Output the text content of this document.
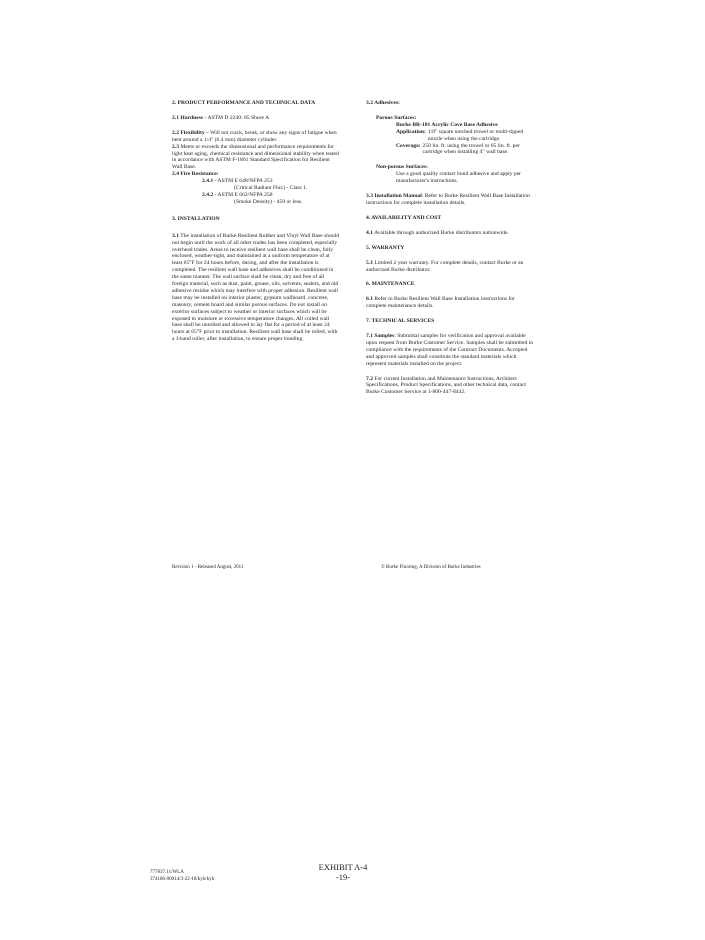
2. PRODUCT PERFORMANCE AND TECHNICAL DATA

2.1 Hardness - ASTM D 2240: 85 Shore A

2.2 Flexibility – Will not crack, break, or show any signs of fatigue when bent around a 1/4" (6.4 mm) diameter cylinder.

2.3 Meets or exceeds the dimensional and performance requirements for light heat aging, chemical resistance and dimensional stability when tested in accordance with ASTM F-1861 Standard Specification for Resilient Wall Base.

2.4 Fire Resistance:

2.4.1 - ASTM E 648/NFPA 253

(Critical Radiant Flux) - Class 1.

2.4.2 - ASTM E 662/NFPA 258

(Smoke Density) - 450 or less.

3. INSTALLATION

3.1 The installation of Burke Resilient Rubber and Vinyl Wall Base should not begin until the work of all other trades has been completed, especially overhead trades. Areas to receive resilient wall base shall be clean, fully enclosed, weather-tight, and maintained at a uniform temperature of at least 65°F for 24 hours before, during, and after the installation is completed. The resilient wall base and adhesives shall be conditioned in the same manner. The wall surface shall be clean, dry and free of all foreign material, such as dust, paint, grease, oils, solvents, sealers, and old adhesive residue which may interfere with proper adhesion. Resilient wall base may be installed on interior plaster, gypsum wallboard, concrete, masonry, cement board and similar porous surfaces. Do not install on exterior surfaces subject to weather or interior surfaces which will be exposed to moisture or excessive temperature changes. All coiled wall base shall be unrolled and allowed to lay flat for a period of at least 24 hours at 65°F prior to installation. Resilient wall base shall be rolled, with a J-hand roller, after installation, to ensure proper bonding.

3.2 Adhesives:

Porous Surfaces:

Burke BR-101 Acrylic Cove Base Adhesive

Application: 1/8" square notched trowel or multi-tipped nozzle when using the cartridge.
Coverage: 250 lin. ft. using the trowel or 65 lin. ft. per cartridge when installing 4" wall base.

Non-porous Surfaces:

Use a good quality contact bond adhesive and apply per manufacturer's instructions.

3.3 Installation Manual: Refer to Burke Resilient Wall Base Installation instructions for complete installation details.

4. AVAILABILITY AND COST

4.1 Available through authorized Burke distributors nationwide.

5. WARRANTY

5.1 Limited 2 year warranty. For complete details, contact Burke or an authorized Burke distributor.

6. MAINTENANCE

6.1 Refer to Burke Resilient Wall Base Installation instructions for complete maintenance details.

7. TECHNICAL SERVICES

7.1 Samples: Submittal samples for verification and approval available upon request from Burke Customer Service. Samples shall be submitted in compliance with the requirements of the Contract Documents. Accepted and approved samples shall constitute the standard materials which represent materials installed on the project.

7.2 For current Installation and Maintenance Instructions, Architect Specifications, Product Specifications, and other technical data, contact Burke Customer Service at 1-800-447-8442.

Revision 1 - Released August, 2011	© Burke Flooring, A Division of Burke Industries
777837.11/WLA
374186-00014/3-22-18/kyh/kyh
EXHIBIT A-4
-19-
